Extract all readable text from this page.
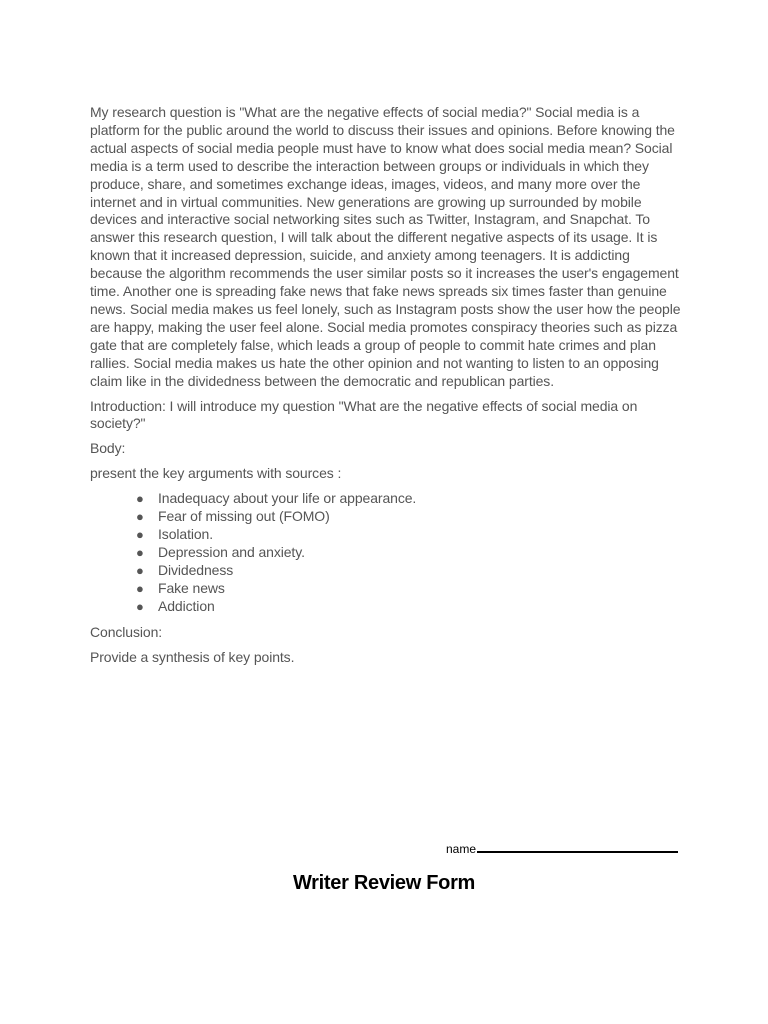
My research question is "What are the negative effects of social media?" Social media is a platform for the public around the world to discuss their issues and opinions. Before knowing the actual aspects of social media people must have to know what does social media mean? Social media is a term used to describe the interaction between groups or individuals in which they produce, share, and sometimes exchange ideas, images, videos, and many more over the internet and in virtual communities. New generations are growing up surrounded by mobile devices and interactive social networking sites such as Twitter, Instagram, and Snapchat. To answer this research question, I will talk about the different negative aspects of its usage. It is known that it increased depression, suicide, and anxiety among teenagers. It is addicting because the algorithm recommends the user similar posts so it increases the user's engagement time. Another one is spreading fake news that fake news spreads six times faster than genuine news. Social media makes us feel lonely, such as Instagram posts show the user how the people are happy, making the user feel alone. Social media promotes conspiracy theories such as pizza gate that are completely false, which leads a group of people to commit hate crimes and plan rallies. Social media makes us hate the other opinion and not wanting to listen to an opposing claim like in the dividedness between the democratic and republican parties.

Introduction: I will introduce my question "What are the negative effects of social media on society?"

Body:

present the key arguments with sources :

● Inadequacy about your life or appearance.
● Fear of missing out (FOMO)
● Isolation.
● Depression and anxiety.
● Dividedness
● Fake news
● Addiction

Conclusion:

Provide a synthesis of key points.

name
Writer Review Form
